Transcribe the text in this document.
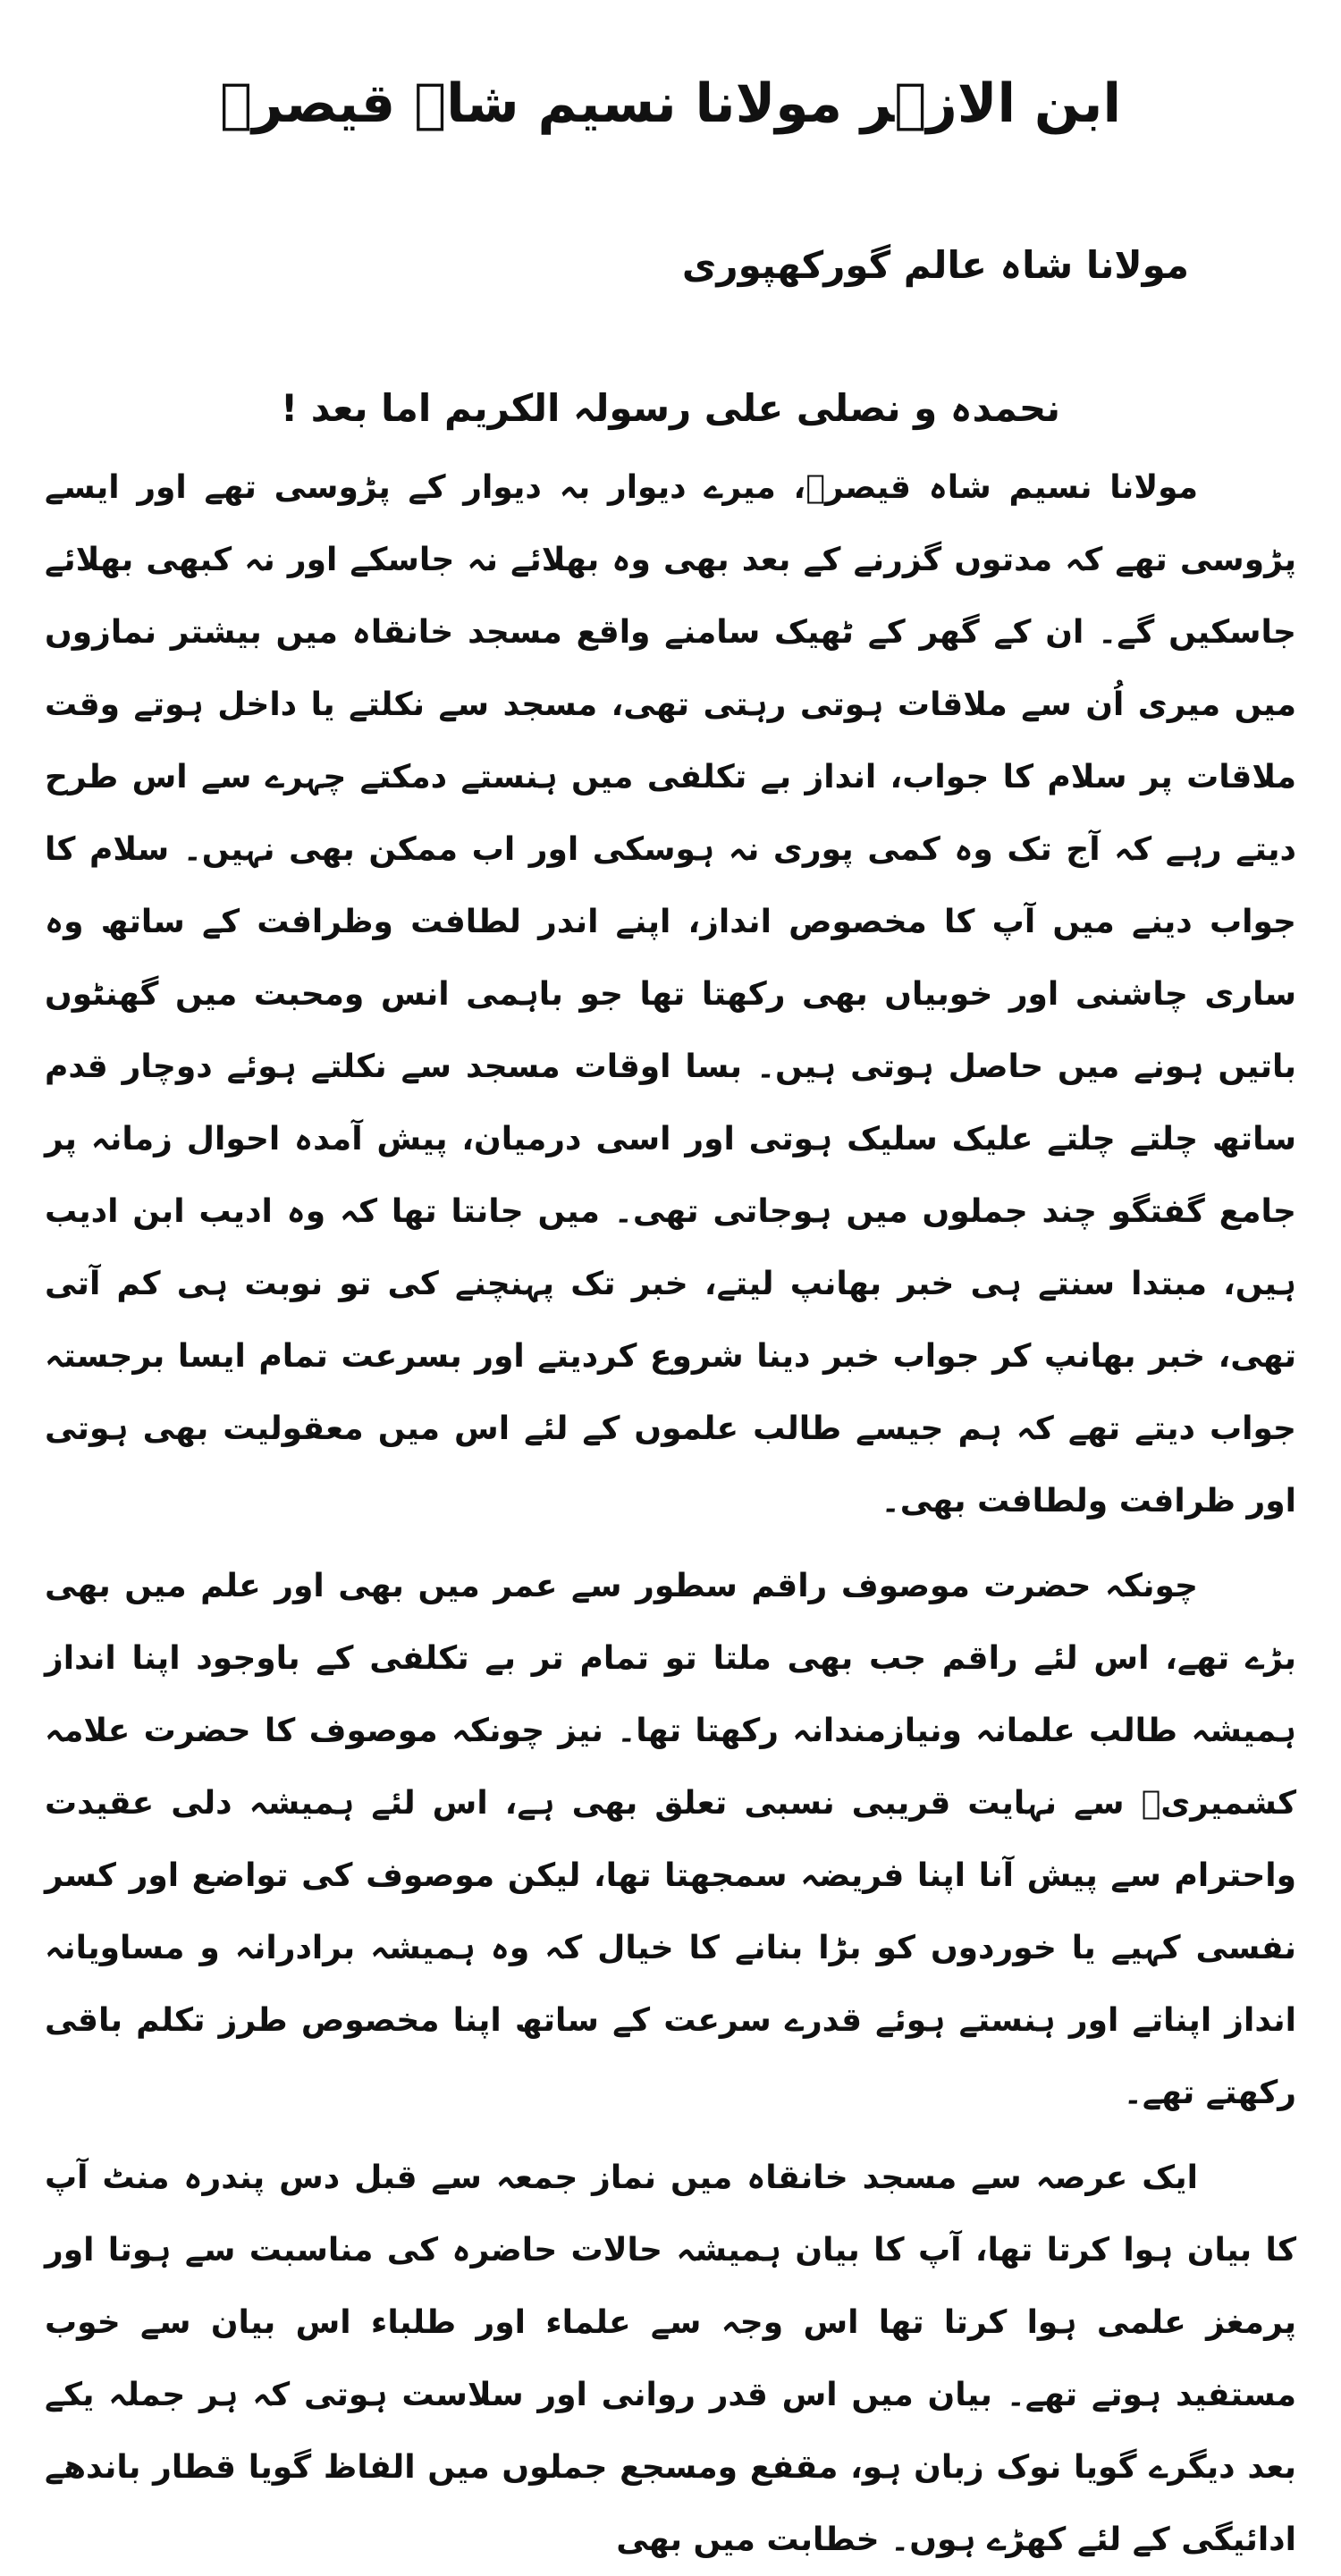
ابن الازہر مولانا نسیم شاہ قیصرؒ
مولانا شاہ عالم گورکھپوری
نحمدہ و نصلی علی رسولہ الکریم اما بعد !

مولانا نسیم شاہ قیصرؒ، میرے دیوار بہ دیوار کے پڑوسی تھے اور ایسے پڑوسی تھے کہ مدتوں گزرنے کے بعد بھی وہ بھلائے نہ جاسکے اور نہ کبھی بھلائے جاسکیں گے۔ ان کے گھر کے ٹھیک سامنے واقع مسجد خانقاہ میں بیشتر نمازوں میں میری اُن سے ملاقات ہوتی رہتی تھی، مسجد سے نکلتے یا داخل ہوتے وقت ملاقات پر سلام کا جواب، انداز بے تکلفی میں ہنستے دمکتے چہرے سے اس طرح دیتے رہے کہ آج تک وہ کمی پوری نہ ہوسکی اور اب ممکن بھی نہیں۔ سلام کا جواب دینے میں آپ کا مخصوص انداز، اپنے اندر لطافت وظرافت کے ساتھ وہ ساری چاشنی اور خوبیاں بھی رکھتا تھا جو باہمی انس ومحبت میں گھنٹوں باتیں ہونے میں حاصل ہوتی ہیں۔ بسا اوقات مسجد سے نکلتے ہوئے دوچار قدم ساتھ چلتے چلتے علیک سلیک ہوتی اور اسی درمیان، پیش آمدہ احوال زمانہ پر جامع گفتگو چند جملوں میں ہوجاتی تھی۔ میں جانتا تھا کہ وہ ادیب ابن ادیب ہیں، مبتدا سنتے ہی خبر بھانپ لیتے، خبر تک پہنچنے کی تو نوبت ہی کم آتی تھی، خبر بھانپ کر جواب خبر دینا شروع کردیتے اور بسرعت تمام ایسا برجستہ جواب دیتے تھے کہ ہم جیسے طالب علموں کے لئے اس میں معقولیت بھی ہوتی اور ظرافت ولطافت بھی۔

چونکہ حضرت موصوف راقم سطور سے عمر میں بھی اور علم میں بھی بڑے تھے، اس لئے راقم جب بھی ملتا تو تمام تر بے تکلفی کے باوجود اپنا انداز ہمیشہ طالب علمانہ ونیازمندانہ رکھتا تھا۔ نیز چونکہ موصوف کا حضرت علامہ کشمیریؒ سے نہایت قریبی نسبی تعلق بھی ہے، اس لئے ہمیشہ دلی عقیدت واحترام سے پیش آنا اپنا فریضہ سمجھتا تھا، لیکن موصوف کی تواضع اور کسر نفسی کہیے یا خوردوں کو بڑا بنانے کا خیال کہ وہ ہمیشہ برادرانہ و مساویانہ انداز اپناتے اور ہنستے ہوئے قدرے سرعت کے ساتھ اپنا مخصوص طرز تکلم باقی رکھتے تھے۔

ایک عرصہ سے مسجد خانقاہ میں نماز جمعہ سے قبل دس پندرہ منٹ آپ کا بیان ہوا کرتا تھا، آپ کا بیان ہمیشہ حالات حاضرہ کی مناسبت سے ہوتا اور پرمغز علمی ہوا کرتا تھا اس وجہ سے علماء اور طلباء اس بیان سے خوب مستفید ہوتے تھے۔ بیان میں اس قدر روانی اور سلاست ہوتی کہ ہر جملہ یکے بعد دیگرے گویا نوک زبان ہو، مقفع ومسجع جملوں میں الفاظ گویا قطار باندھے ادائیگی کے لئے کھڑے ہوں۔ خطابت میں بھی
